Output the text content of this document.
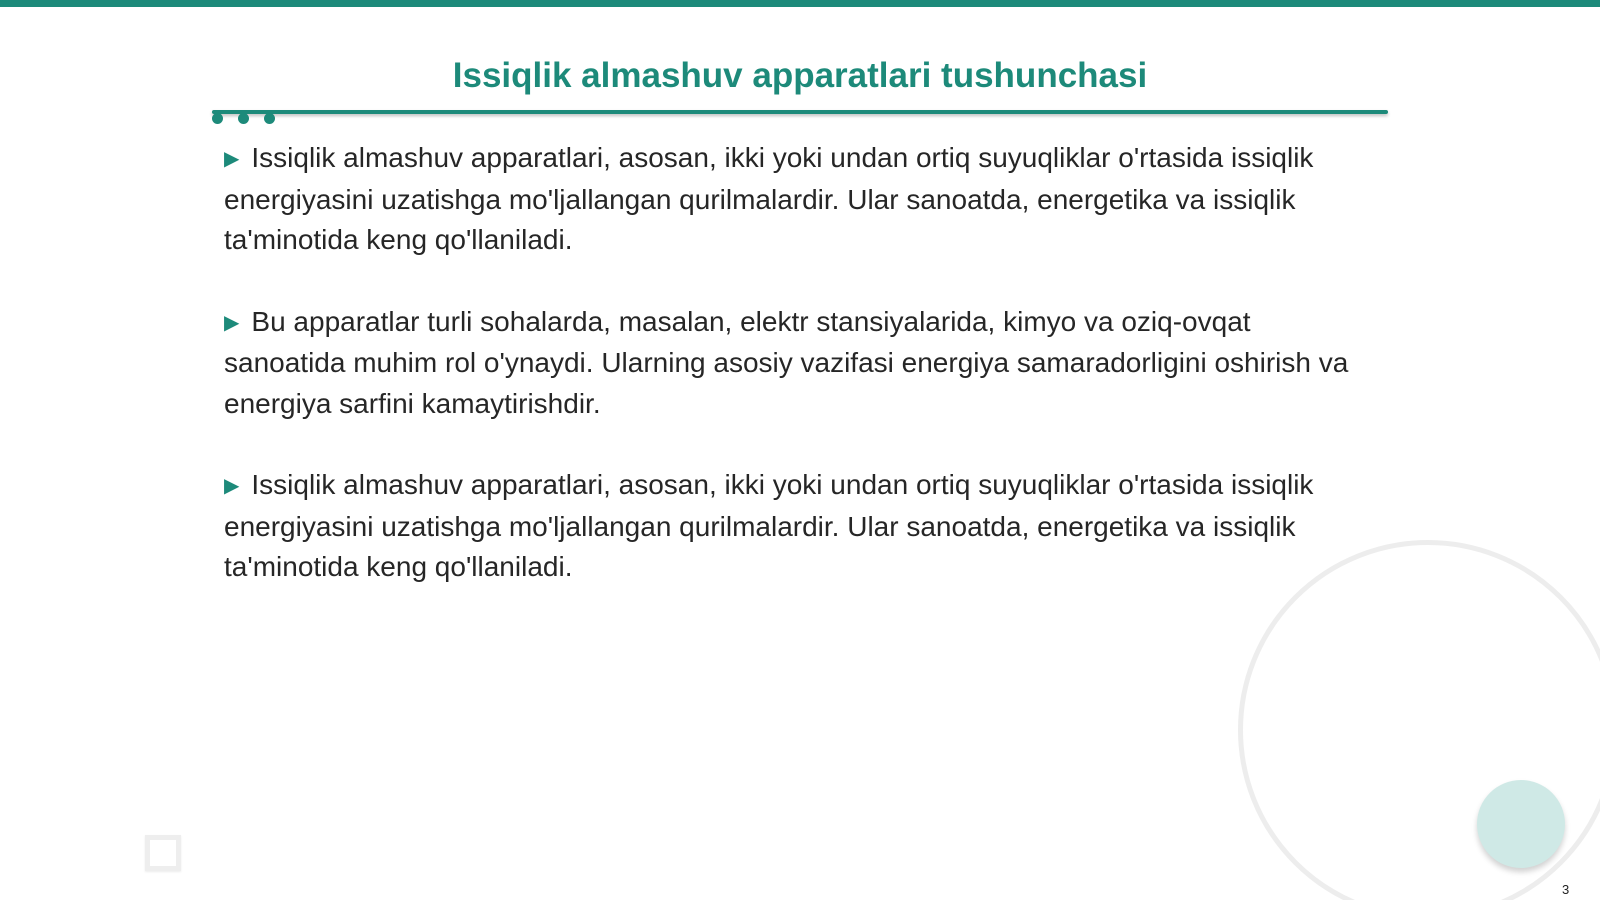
Issiqlik almashuv apparatlari tushunchasi

▶ Issiqlik almashuv apparatlari, asosan, ikki yoki undan ortiq suyuqliklar o'rtasida issiqlik energiyasini uzatishga mo'ljallangan qurilmalardir. Ular sanoatda, energetika va issiqlik ta'minotida keng qo'llaniladi.

▶ Bu apparatlar turli sohalarda, masalan, elektr stansiyalarida, kimyo va oziq-ovqat sanoatida muhim rol o'ynaydi. Ularning asosiy vazifasi energiya samaradorligini oshirish va energiya sarfini kamaytirishdir.

▶ Issiqlik almashuv apparatlari, asosan, ikki yoki undan ortiq suyuqliklar o'rtasida issiqlik energiyasini uzatishga mo'ljallangan qurilmalardir. Ular sanoatda, energetika va issiqlik ta'minotida keng qo'llaniladi.

3
